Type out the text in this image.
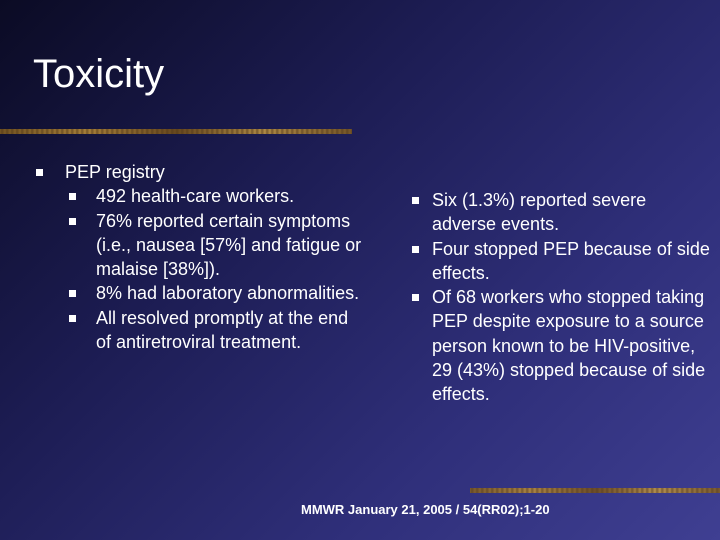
Toxicity
PEP registry
492 health-care workers.
76% reported certain symptoms (i.e., nausea [57%] and fatigue or malaise [38%]).
8% had laboratory abnormalities.
All resolved promptly at the end of antiretroviral treatment.
Six (1.3%) reported severe adverse events.
Four stopped PEP because of side effects.
Of 68 workers who stopped taking PEP despite exposure to a source person known to be HIV-positive, 29 (43%) stopped because of side effects.
MMWR January 21, 2005 / 54(RR02);1-20
